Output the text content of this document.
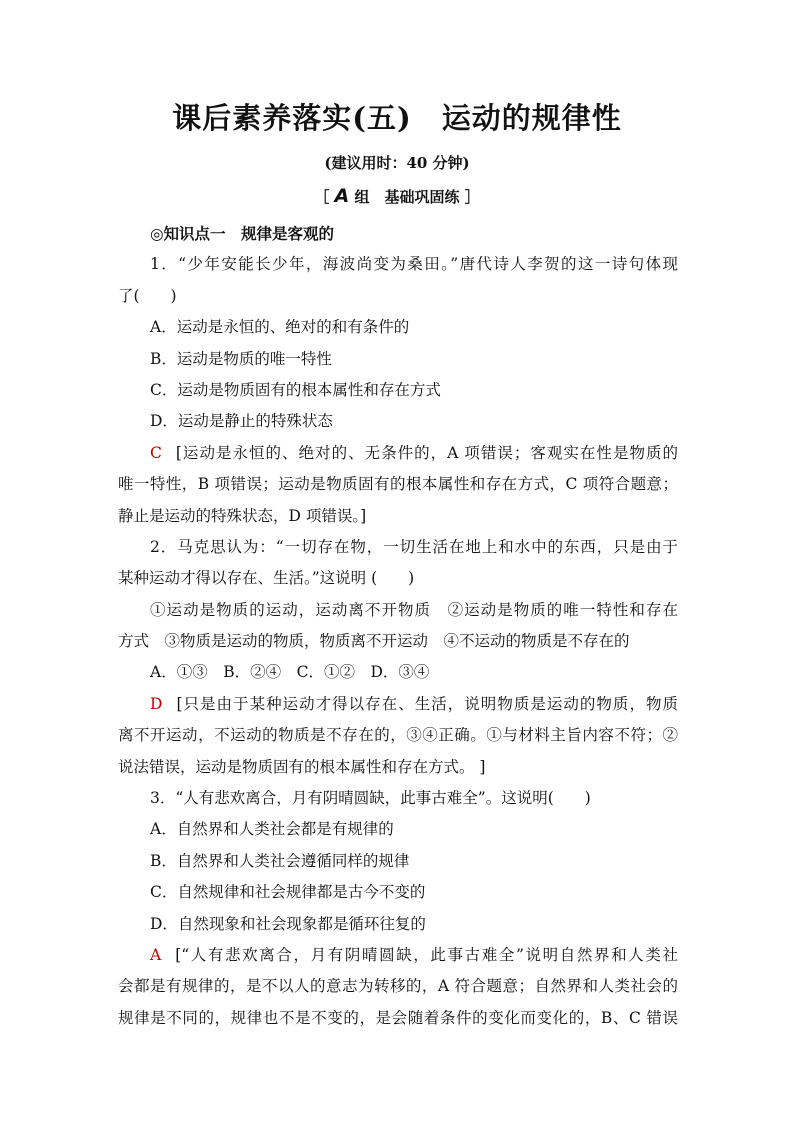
课后素养落实(五)　运动的规律性
(建议用时：40 分钟)
［ A 组　基础巩固练 ］
◎知识点一　规律是客观的
1．“少年安能长少年，海波尚变为桑田。”唐代诗人李贺的这一诗句体现
了(　　)
A．运动是永恒的、绝对的和有条件的
B．运动是物质的唯一特性
C．运动是物质固有的根本属性和存在方式
D．运动是静止的特殊状态
C [运动是永恒的、绝对的、无条件的，A 项错误；客观实在性是物质的
唯一特性，B 项错误；运动是物质固有的根本属性和存在方式，C 项符合题意；
静止是运动的特殊状态，D 项错误。]
2．马克思认为：“一切存在物，一切生活在地上和水中的东西，只是由于
某种运动才得以存在、生活。”这说明 (　　)
①运动是物质的运动，运动离不开物质　②运动是物质的唯一特性和存在
方式　③物质是运动的物质，物质离不开运动　④不运动的物质是不存在的
A．①③　B．②④　C．①②　D．③④
D [只是由于某种运动才得以存在、生活，说明物质是运动的物质，物质
离不开运动，不运动的物质是不存在的，③④正确。①与材料主旨内容不符；②
说法错误，运动是物质固有的根本属性和存在方式。 ]
3．“人有悲欢离合，月有阴晴圆缺，此事古难全”。这说明(　　)
A．自然界和人类社会都是有规律的
B．自然界和人类社会遵循同样的规律
C．自然规律和社会规律都是古今不变的
D．自然现象和社会现象都是循环往复的
A [“人有悲欢离合，月有阴晴圆缺，此事古难全”说明自然界和人类社
会都是有规律的，是不以人的意志为转移的，A 符合题意；自然界和人类社会的
规律是不同的，规律也不是不变的，是会随着条件的变化而变化的，B、C 错误
